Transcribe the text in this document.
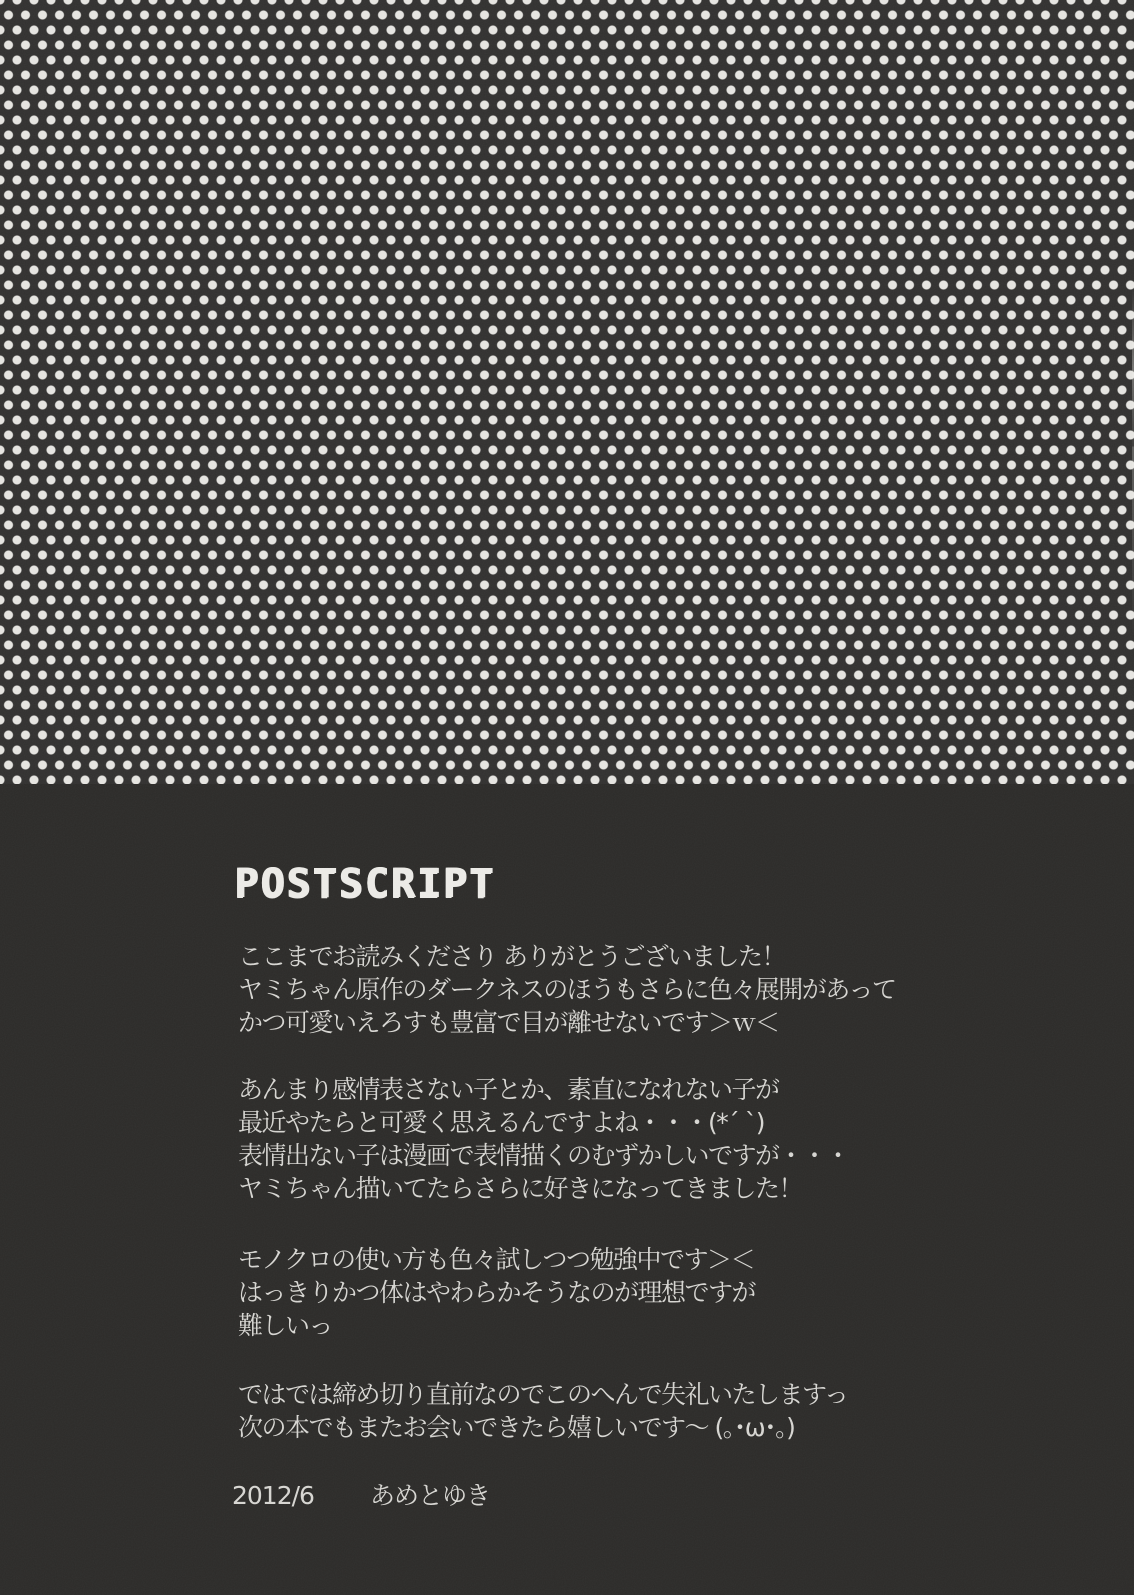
POSTSCRIPT

ここまでお読みくださり ありがとうございました！

ヤミちゃん原作のダークネスのほうもさらに色々展開があって

かつ可愛いえろすも豊富で目が離せないです＞ｗ＜

あんまり感情表さない子とか、素直になれない子が

最近やたらと可愛く思えるんですよね・・・(*´ `)

表情出ない子は漫画で表情描くのむずかしいですが・・・

ヤミちゃん描いてたらさらに好きになってきました！

モノクロの使い方も色々試しつつ勉強中です＞＜

はっきりかつ体はやわらかそうなのが理想ですが

難しいっ

ではでは締め切り直前なのでこのへんで失礼いたしますっ

次の本でもまたお会いできたら嬉しいです～ (｡･ω･｡)

2012/6 あめとゆき
